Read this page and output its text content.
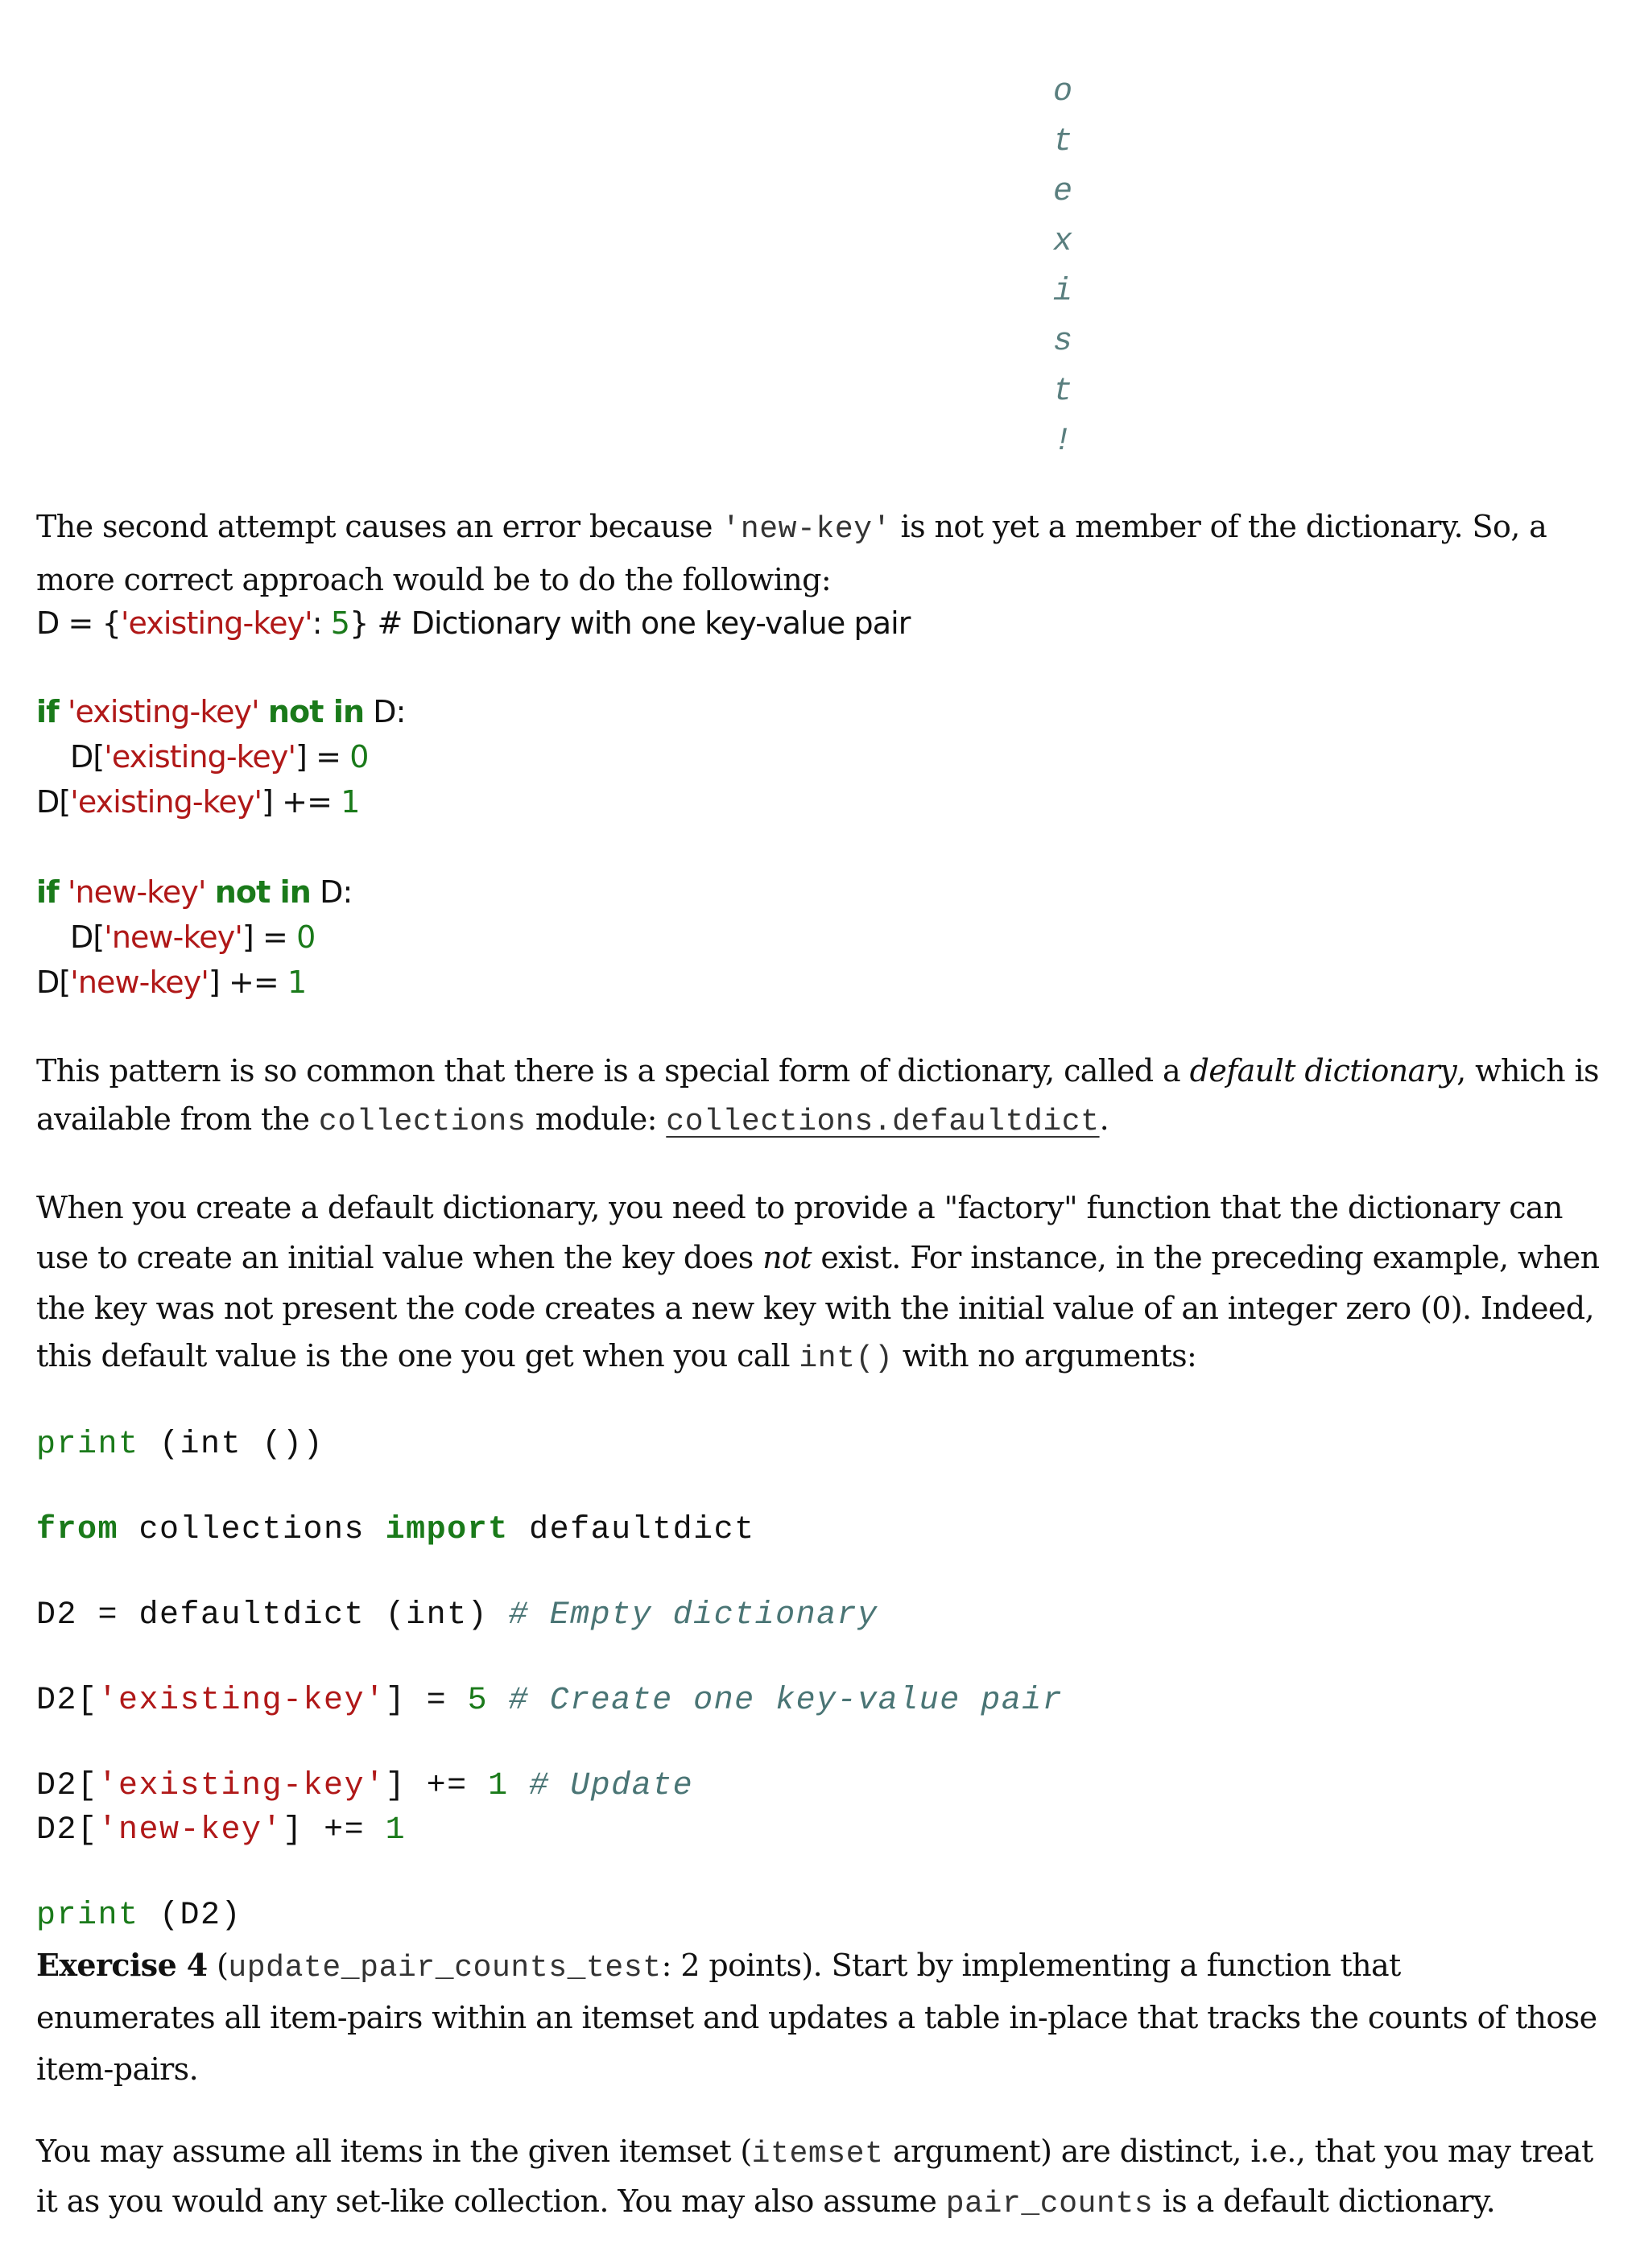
o
t
e
x
i
s
t
!
The second attempt causes an error because 'new-key' is not yet a member of the dictionary. So, a
more correct approach would be to do the following:
D = {'existing-key': 5} # Dictionary with one key-value pair
if 'existing-key' not in D:
D['existing-key'] = 0
D['existing-key'] += 1
if 'new-key' not in D:
D['new-key'] = 0
D['new-key'] += 1
This pattern is so common that there is a special form of dictionary, called a default dictionary, which is
available from the collections module: collections.defaultdict.
When you create a default dictionary, you need to provide a "factory" function that the dictionary can
use to create an initial value when the key does not exist. For instance, in the preceding example, when
the key was not present the code creates a new key with the initial value of an integer zero (0). Indeed,
this default value is the one you get when you call int() with no arguments:
print (int ())
from collections import defaultdict
D2 = defaultdict (int) # Empty dictionary
D2['existing-key'] = 5 # Create one key-value pair
D2['existing-key'] += 1 # Update
D2['new-key'] += 1
print (D2)
Exercise 4 (update_pair_counts_test: 2 points). Start by implementing a function that
enumerates all item-pairs within an itemset and updates a table in-place that tracks the counts of those
item-pairs.
You may assume all items in the given itemset (itemset argument) are distinct, i.e., that you may treat
it as you would any set-like collection. You may also assume pair_counts is a default dictionary.
